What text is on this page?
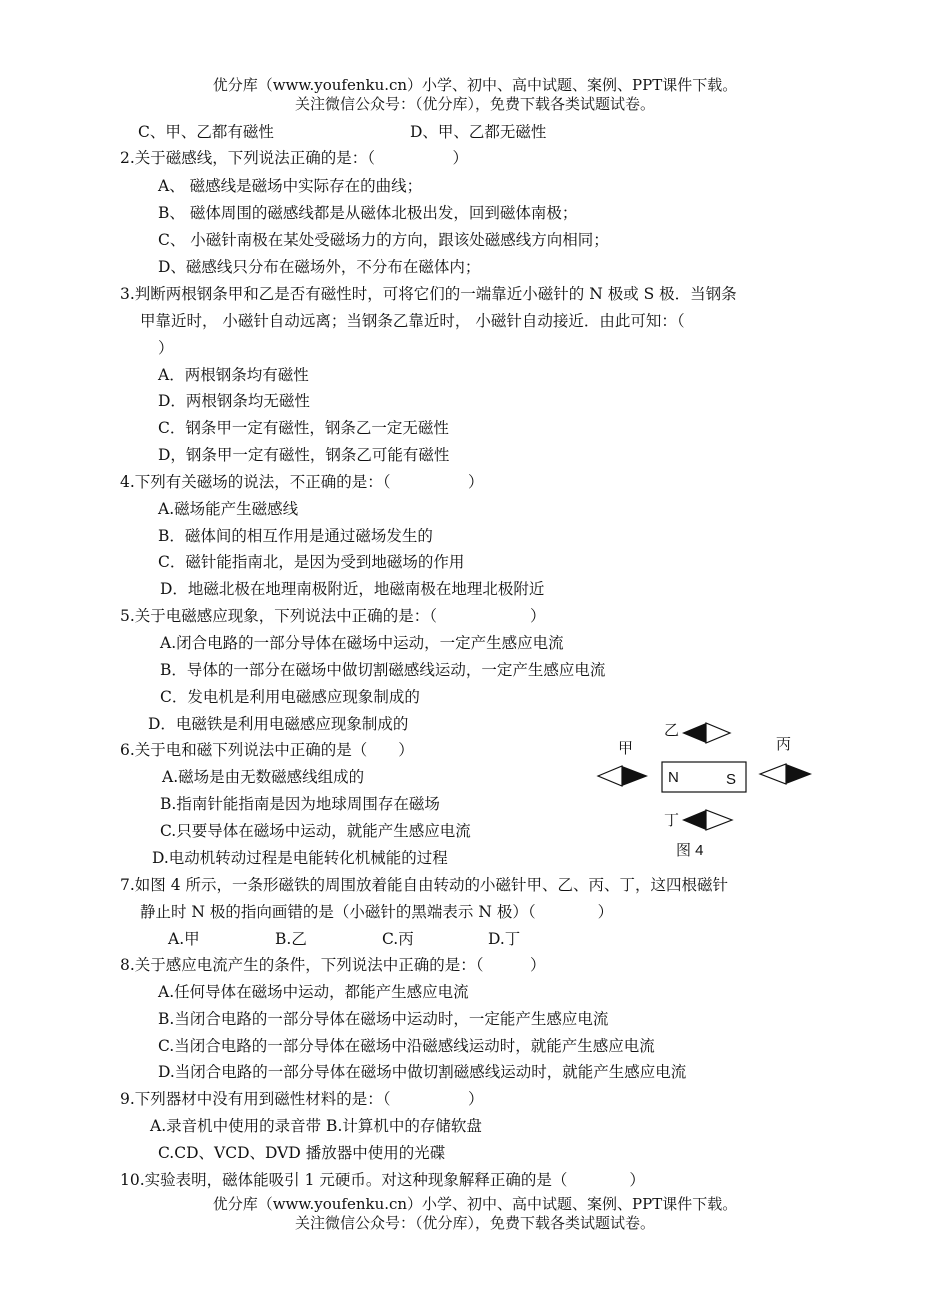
优分库（www.youfenku.cn）小学、初中、高中试题、案例、PPT课件下载。
关注微信公众号：（优分库），免费下载各类试题试卷。
C、甲、乙都有磁性	D、甲、乙都无磁性
2.关于磁感线，下列说法正确的是：（　　　　　）
A、 磁感线是磁场中实际存在的曲线；
B、 磁体周围的磁感线都是从磁体北极出发，回到磁体南极；
C、 小磁针南极在某处受磁场力的方向，跟该处磁感线方向相同；
D、磁感线只分布在磁场外，不分布在磁体内；
3.判断两根钢条甲和乙是否有磁性时，可将它们的一端靠近小磁针的 N 极或 S 极．当钢条
甲靠近时， 小磁针自动远离；当钢条乙靠近时， 小磁针自动接近．由此可知：（
）
A．两根钢条均有磁性
D．两根钢条均无磁性
C．钢条甲一定有磁性，钢条乙一定无磁性
D，钢条甲一定有磁性，钢条乙可能有磁性
4.下列有关磁场的说法，不正确的是：（　　　　　）
A.磁场能产生磁感线
B．磁体间的相互作用是通过磁场发生的
C．磁针能指南北，是因为受到地磁场的作用
D．地磁北极在地理南极附近，地磁南极在地理北极附近
5.关于电磁感应现象，下列说法中正确的是：（　　　　　　）
A.闭合电路的一部分导体在磁场中运动，一定产生感应电流
B．导体的一部分在磁场中做切割磁感线运动，一定产生感应电流
C．发电机是利用电磁感应现象制成的
D．电磁铁是利用电磁感应现象制成的
6.关于电和磁下列说法中正确的是（　　）
A.磁场是由无数磁感线组成的
B.指南针能指南是因为地球周围存在磁场
C.只要导体在磁场中运动，就能产生感应电流
D.电动机转动过程是电能转化机械能的过程
乙
甲	丙
丁
N	S
图 4
7.如图 4 所示，一条形磁铁的周围放着能自由转动的小磁针甲、乙、丙、丁，这四根磁针
静止时 N 极的指向画错的是（小磁针的黑端表示 N 极）（　　　　）
A.甲	B.乙	C.丙	D.丁
8.关于感应电流产生的条件，下列说法中正确的是：（　　　）
A.任何导体在磁场中运动，都能产生感应电流
B.当闭合电路的一部分导体在磁场中运动时，一定能产生感应电流
C.当闭合电路的一部分导体在磁场中沿磁感线运动时，就能产生感应电流
D.当闭合电路的一部分导体在磁场中做切割磁感线运动时，就能产生感应电流
9.下列器材中没有用到磁性材料的是：（　　　　　）
A.录音机中使用的录音带 B.计算机中的存储软盘
C.CD、VCD、DVD 播放器中使用的光碟
10.实验表明，磁体能吸引 1 元硬币。对这种现象解释正确的是（　　　　）
优分库（www.youfenku.cn）小学、初中、高中试题、案例、PPT课件下载。
关注微信公众号：（优分库），免费下载各类试题试卷。
